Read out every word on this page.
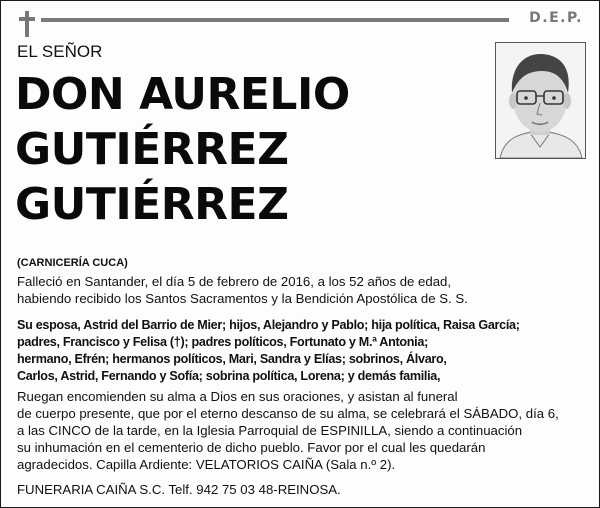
D.E.P.
EL SEÑOR
DON AURELIO
GUTIÉRREZ
GUTIÉRREZ
(CARNICERÍA CUCA)
Falleció en Santander, el día 5 de febrero de 2016, a los 52 años de edad,
habiendo recibido los Santos Sacramentos y la Bendición Apostólica de S. S.
Su esposa, Astrid del Barrio de Mier; hijos, Alejandro y Pablo; hija política, Raisa García;
padres, Francisco y Felisa (†); padres políticos, Fortunato y M.ª Antonia;
hermano, Efrén; hermanos políticos, Mari, Sandra y Elías; sobrinos, Álvaro,
Carlos, Astrid, Fernando y Sofía; sobrina política, Lorena; y demás familia,
Ruegan encomienden su alma a Dios en sus oraciones, y asistan al funeral
de cuerpo presente, que por el eterno descanso de su alma, se celebrará el SÁBADO, día 6,
a las CINCO de la tarde, en la Iglesia Parroquial de ESPINILLA, siendo a continuación
su inhumación en el cementerio de dicho pueblo. Favor por el cual les quedarán
agradecidos. Capilla Ardiente: VELATORIOS CAIÑA (Sala n.º 2).
FUNERARIA CAIÑA S.C. Telf. 942 75 03 48-REINOSA.
